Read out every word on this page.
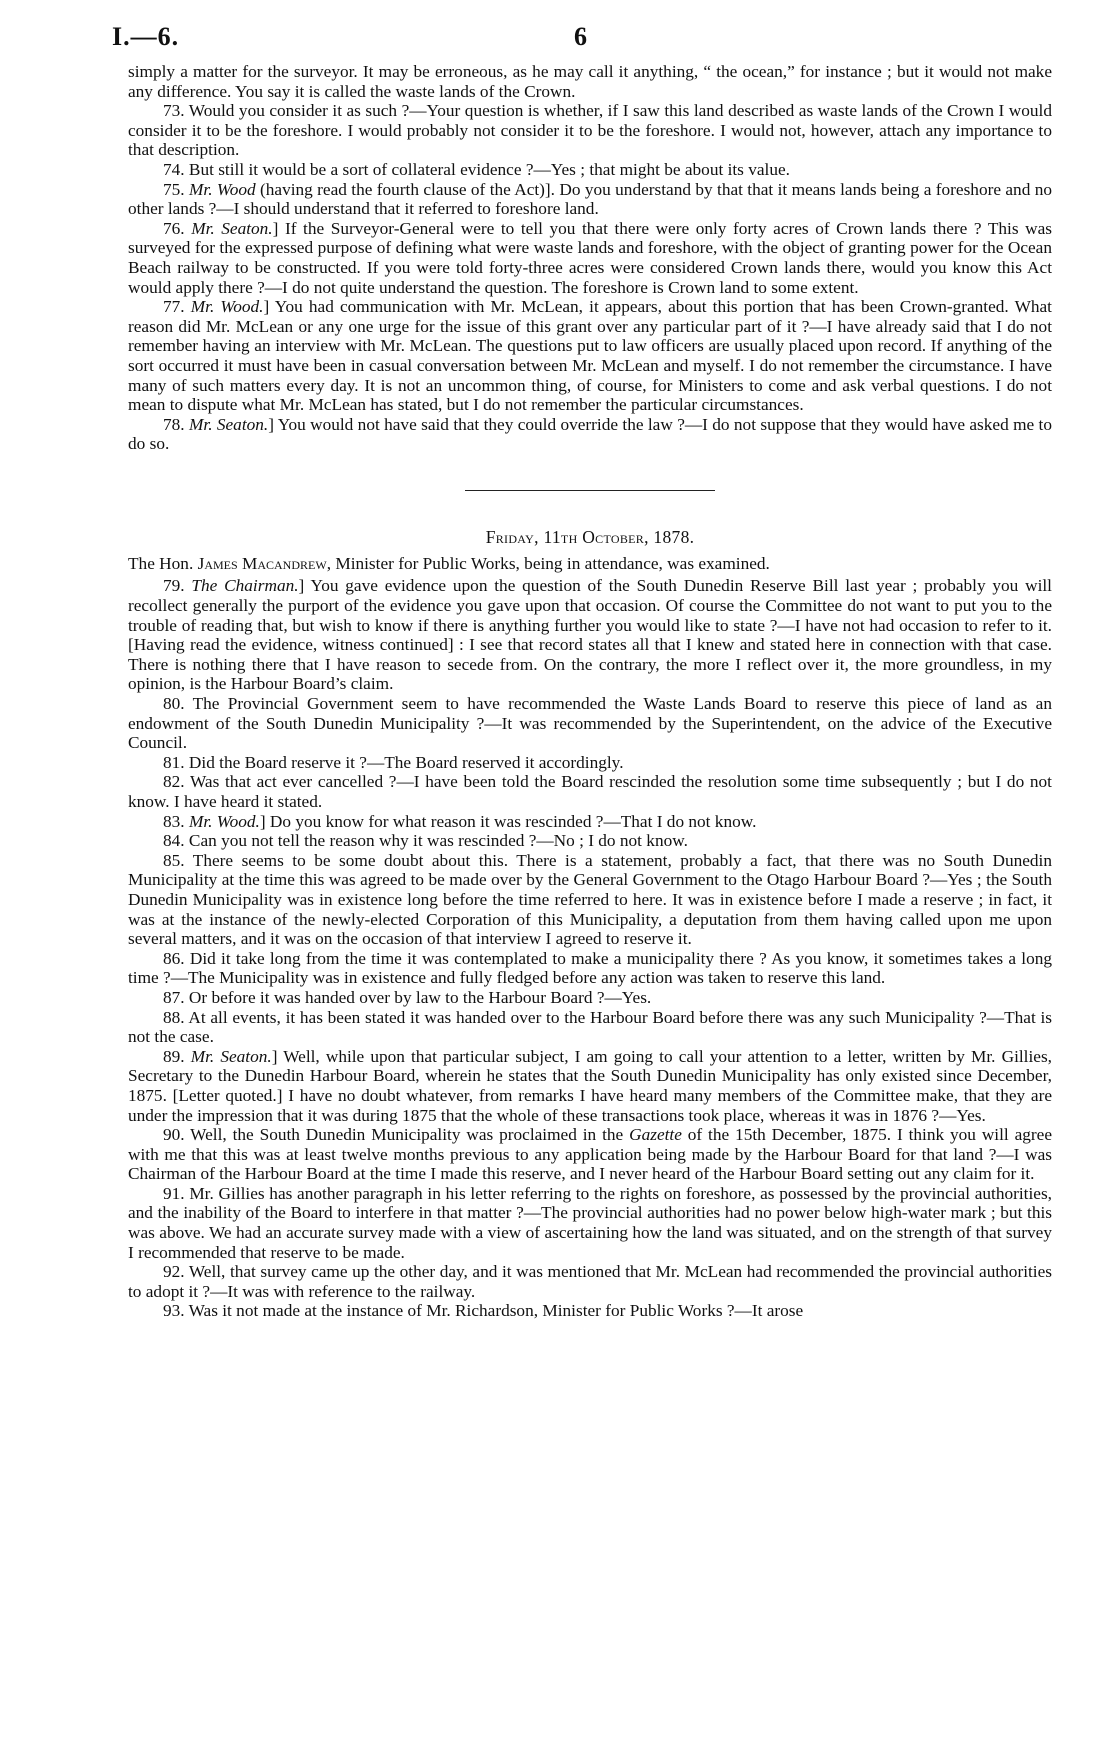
I.—6.	6

simply a matter for the surveyor. It may be erroneous, as he may call it anything, “ the ocean,” for instance ; but it would not make any difference. You say it is called the waste lands of the Crown.

73. Would you consider it as such ?—Your question is whether, if I saw this land described as waste lands of the Crown I would consider it to be the foreshore. I would probably not consider it to be the foreshore. I would not, however, attach any importance to that description.

74. But still it would be a sort of collateral evidence ?—Yes ; that might be about its value.

75. Mr. Wood (having read the fourth clause of the Act)]. Do you understand by that that it means lands being a foreshore and no other lands ?—I should understand that it referred to foreshore land.

76. Mr. Seaton.] If the Surveyor-General were to tell you that there were only forty acres of Crown lands there ? This was surveyed for the expressed purpose of defining what were waste lands and foreshore, with the object of granting power for the Ocean Beach railway to be constructed. If you were told forty-three acres were considered Crown lands there, would you know this Act would apply there ?—I do not quite understand the question. The foreshore is Crown land to some extent.

77. Mr. Wood.] You had communication with Mr. McLean, it appears, about this portion that has been Crown-granted. What reason did Mr. McLean or any one urge for the issue of this grant over any particular part of it ?—I have already said that I do not remember having an interview with Mr. McLean. The questions put to law officers are usually placed upon record. If anything of the sort occurred it must have been in casual conversation between Mr. McLean and myself. I do not remember the circumstance. I have many of such matters every day. It is not an uncommon thing, of course, for Ministers to come and ask verbal questions. I do not mean to dispute what Mr. McLean has stated, but I do not remember the particular circumstances.

78. Mr. Seaton.] You would not have said that they could override the law ?—I do not suppose that they would have asked me to do so.

Friday, 11th October, 1878.

The Hon. James Macandrew, Minister for Public Works, being in attendance, was examined.

79. The Chairman.] You gave evidence upon the question of the South Dunedin Reserve Bill last year ; probably you will recollect generally the purport of the evidence you gave upon that occasion. Of course the Committee do not want to put you to the trouble of reading that, but wish to know if there is anything further you would like to state ?—I have not had occasion to refer to it. [Having read the evidence, witness continued] : I see that record states all that I knew and stated here in connection with that case. There is nothing there that I have reason to secede from. On the contrary, the more I reflect over it, the more groundless, in my opinion, is the Harbour Board’s claim.

80. The Provincial Government seem to have recommended the Waste Lands Board to reserve this piece of land as an endowment of the South Dunedin Municipality ?—It was recommended by the Superintendent, on the advice of the Executive Council.

81. Did the Board reserve it ?—The Board reserved it accordingly.

82. Was that act ever cancelled ?—I have been told the Board rescinded the resolution some time subsequently ; but I do not know. I have heard it stated.

83. Mr. Wood.] Do you know for what reason it was rescinded ?—That I do not know.

84. Can you not tell the reason why it was rescinded ?—No ; I do not know.

85. There seems to be some doubt about this. There is a statement, probably a fact, that there was no South Dunedin Municipality at the time this was agreed to be made over by the General Government to the Otago Harbour Board ?—Yes ; the South Dunedin Municipality was in existence long before the time referred to here. It was in existence before I made a reserve ; in fact, it was at the instance of the newly-elected Corporation of this Municipality, a deputation from them having called upon me upon several matters, and it was on the occasion of that interview I agreed to reserve it.

86. Did it take long from the time it was contemplated to make a municipality there ? As you know, it sometimes takes a long time ?—The Municipality was in existence and fully fledged before any action was taken to reserve this land.

87. Or before it was handed over by law to the Harbour Board ?—Yes.

88. At all events, it has been stated it was handed over to the Harbour Board before there was any such Municipality ?—That is not the case.

89. Mr. Seaton.] Well, while upon that particular subject, I am going to call your attention to a letter, written by Mr. Gillies, Secretary to the Dunedin Harbour Board, wherein he states that the South Dunedin Municipality has only existed since December, 1875. [Letter quoted.] I have no doubt whatever, from remarks I have heard many members of the Committee make, that they are under the impression that it was during 1875 that the whole of these transactions took place, whereas it was in 1876 ?—Yes.

90. Well, the South Dunedin Municipality was proclaimed in the Gazette of the 15th December, 1875. I think you will agree with me that this was at least twelve months previous to any application being made by the Harbour Board for that land ?—I was Chairman of the Harbour Board at the time I made this reserve, and I never heard of the Harbour Board setting out any claim for it.

91. Mr. Gillies has another paragraph in his letter referring to the rights on foreshore, as possessed by the provincial authorities, and the inability of the Board to interfere in that matter ?—The provincial authorities had no power below high-water mark ; but this was above. We had an accurate survey made with a view of ascertaining how the land was situated, and on the strength of that survey I recommended that reserve to be made.

92. Well, that survey came up the other day, and it was mentioned that Mr. McLean had recommended the provincial authorities to adopt it ?—It was with reference to the railway.

93. Was it not made at the instance of Mr. Richardson, Minister for Public Works ?—It arose
